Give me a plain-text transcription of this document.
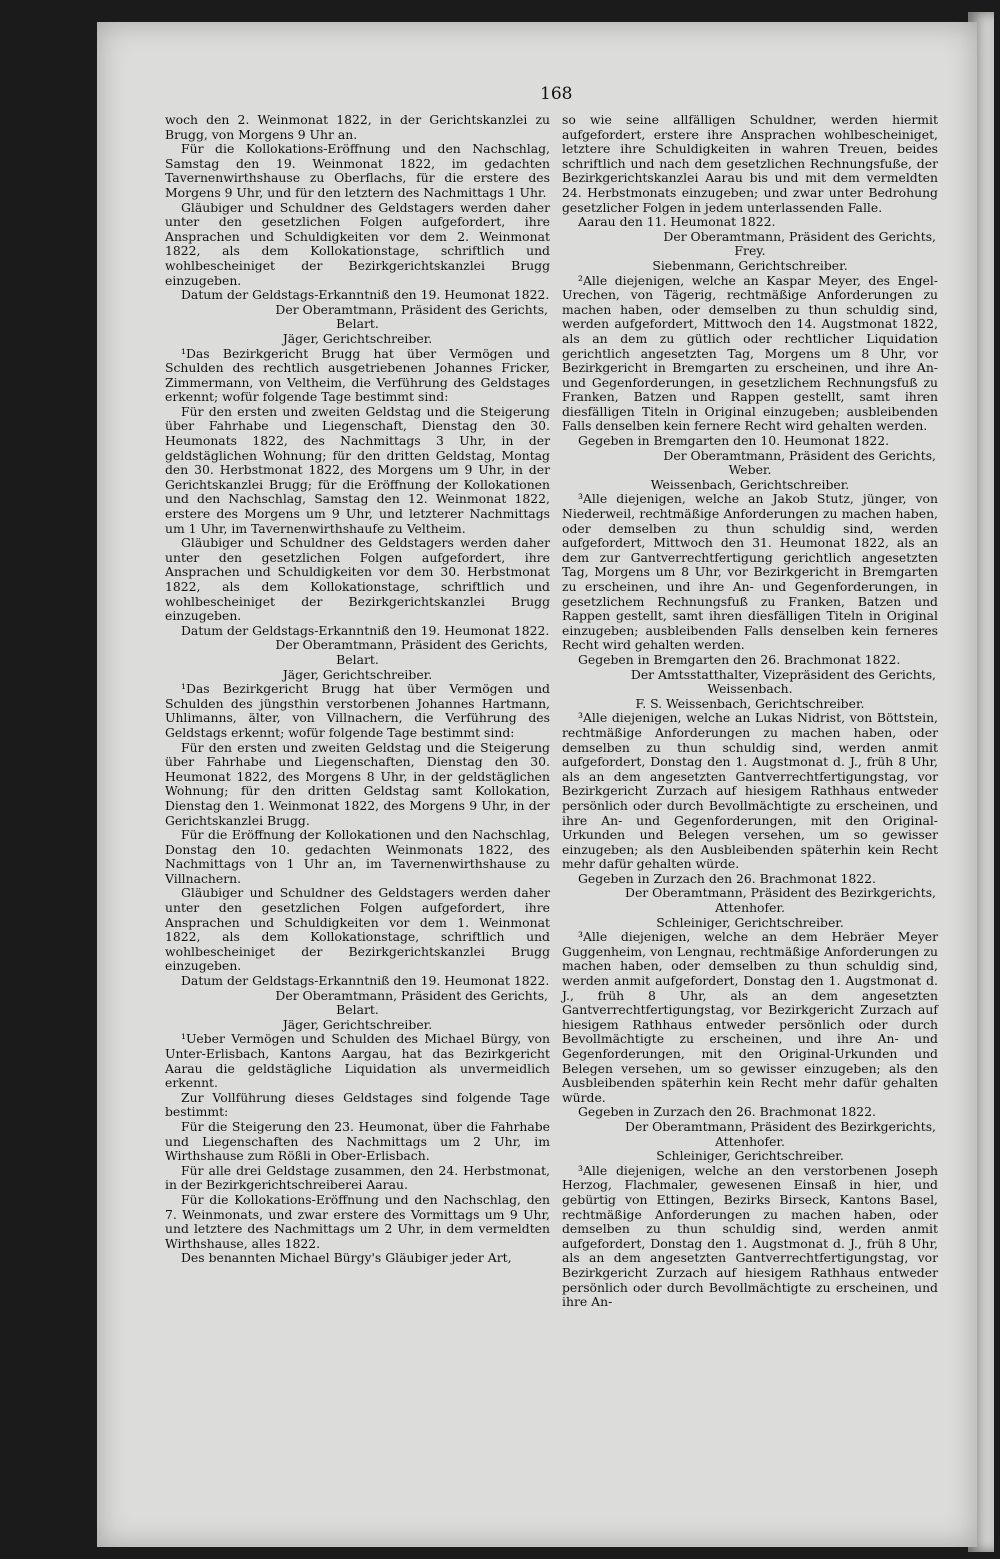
168

woch den 2. Weinmonat 1822, in der Gerichtskanzlei zu Brugg, von Morgens 9 Uhr an.

Für die Kollokations-Eröffnung und den Nachschlag, Samstag den 19. Weinmonat 1822, im gedachten Tavernenwirthshause zu Oberflachs, für die erstere des Morgens 9 Uhr, und für den letztern des Nachmittags 1 Uhr.

Gläubiger und Schuldner des Geldstagers werden daher unter den gesetzlichen Folgen aufgefordert, ihre Ansprachen und Schuldigkeiten vor dem 2. Weinmonat 1822, als dem Kollokationstage, schriftlich und wohlbescheiniget der Bezirkgerichtskanzlei Brugg einzugeben.

Datum der Geldstags-Erkanntniß den 19. Heumonat 1822.

Der Oberamtmann, Präsident des Gerichts,

Belart.

Jäger, Gerichtschreiber.

¹Das Bezirkgericht Brugg hat über Vermögen und Schulden des rechtlich ausgetriebenen Johannes Fricker, Zimmermann, von Veltheim, die Verführung des Geldstages erkennt; wofür folgende Tage bestimmt sind:

Für den ersten und zweiten Geldstag und die Steigerung über Fahrhabe und Liegenschaft, Dienstag den 30. Heumonats 1822, des Nachmittags 3 Uhr, in der geldstäglichen Wohnung; für den dritten Geldstag, Montag den 30. Herbstmonat 1822, des Morgens um 9 Uhr, in der Gerichtskanzlei Brugg; für die Eröffnung der Kollokationen und den Nachschlag, Samstag den 12. Weinmonat 1822, erstere des Morgens um 9 Uhr, und letzterer Nachmittags um 1 Uhr, im Tavernenwirthshaufe zu Veltheim.

Gläubiger und Schuldner des Geldstagers werden daher unter den gesetzlichen Folgen aufgefordert, ihre Ansprachen und Schuldigkeiten vor dem 30. Herbstmonat 1822, als dem Kollokationstage, schriftlich und wohlbescheiniget der Bezirkgerichtskanzlei Brugg einzugeben.

Datum der Geldstags-Erkanntniß den 19. Heumonat 1822.

Der Oberamtmann, Präsident des Gerichts,

Belart.

Jäger, Gerichtschreiber.

¹Das Bezirkgericht Brugg hat über Vermögen und Schulden des jüngsthin verstorbenen Johannes Hartmann, Uhlimanns, älter, von Villnachern, die Verführung des Geldstags erkennt; wofür folgende Tage bestimmt sind:

Für den ersten und zweiten Geldstag und die Steigerung über Fahrhabe und Liegenschaften, Dienstag den 30. Heumonat 1822, des Morgens 8 Uhr, in der geldstäglichen Wohnung; für den dritten Geldstag samt Kollokation, Dienstag den 1. Weinmonat 1822, des Morgens 9 Uhr, in der Gerichtskanzlei Brugg.

Für die Eröffnung der Kollokationen und den Nachschlag, Donstag den 10. gedachten Weinmonats 1822, des Nachmittags von 1 Uhr an, im Tavernenwirthshause zu Villnachern.

Gläubiger und Schuldner des Geldstagers werden daher unter den gesetzlichen Folgen aufgefordert, ihre Ansprachen und Schuldigkeiten vor dem 1. Weinmonat 1822, als dem Kollokationstage, schriftlich und wohlbescheiniget der Bezirkgerichtskanzlei Brugg einzugeben.

Datum der Geldstags-Erkanntniß den 19. Heumonat 1822.

Der Oberamtmann, Präsident des Gerichts,

Belart.

Jäger, Gerichtschreiber.

¹Ueber Vermögen und Schulden des Michael Bürgy, von Unter-Erlisbach, Kantons Aargau, hat das Bezirkgericht Aarau die geldstägliche Liquidation als unvermeidlich erkennt.

Zur Vollführung dieses Geldstages sind folgende Tage bestimmt:

Für die Steigerung den 23. Heumonat, über die Fahrhabe und Liegenschaften des Nachmittags um 2 Uhr, im Wirthshause zum Rößli in Ober-Erlisbach.

Für alle drei Geldstage zusammen, den 24. Herbstmonat, in der Bezirkgerichtschreiberei Aarau.

Für die Kollokations-Eröffnung und den Nachschlag, den 7. Weinmonats, und zwar erstere des Vormittags um 9 Uhr, und letztere des Nachmittags um 2 Uhr, in dem vermeldten Wirthshause, alles 1822.

Des benannten Michael Bürgy's Gläubiger jeder Art,

so wie seine allfälligen Schuldner, werden hiermit aufgefordert, erstere ihre Ansprachen wohlbescheiniget, letztere ihre Schuldigkeiten in wahren Treuen, beides schriftlich und nach dem gesetzlichen Rechnungsfuße, der Bezirkgerichtskanzlei Aarau bis und mit dem vermeldten 24. Herbstmonats einzugeben; und zwar unter Bedrohung gesetzlicher Folgen in jedem unterlassenden Falle.

Aarau den 11. Heumonat 1822.

Der Oberamtmann, Präsident des Gerichts,

Frey.

Siebenmann, Gerichtschreiber.

²Alle diejenigen, welche an Kaspar Meyer, des Engel-Urechen, von Tägerig, rechtmäßige Anforderungen zu machen haben, oder demselben zu thun schuldig sind, werden aufgefordert, Mittwoch den 14. Augstmonat 1822, als an dem zu gütlich oder rechtlicher Liquidation gerichtlich angesetzten Tag, Morgens um 8 Uhr, vor Bezirkgericht in Bremgarten zu erscheinen, und ihre An- und Gegenforderungen, in gesetzlichem Rechnungsfuß zu Franken, Batzen und Rappen gestellt, samt ihren diesfälligen Titeln in Original einzugeben; ausbleibenden Falls denselben kein fernere Recht wird gehalten werden.

Gegeben in Bremgarten den 10. Heumonat 1822.

Der Oberamtmann, Präsident des Gerichts,

Weber.

Weissenbach, Gerichtschreiber.

³Alle diejenigen, welche an Jakob Stutz, jünger, von Niederweil, rechtmäßige Anforderungen zu machen haben, oder demselben zu thun schuldig sind, werden aufgefordert, Mittwoch den 31. Heumonat 1822, als an dem zur Gantverrechtfertigung gerichtlich angesetzten Tag, Morgens um 8 Uhr, vor Bezirkgericht in Bremgarten zu erscheinen, und ihre An- und Gegenforderungen, in gesetzlichem Rechnungsfuß zu Franken, Batzen und Rappen gestellt, samt ihren diesfälligen Titeln in Original einzugeben; ausbleibenden Falls denselben kein ferneres Recht wird gehalten werden.

Gegeben in Bremgarten den 26. Brachmonat 1822.

Der Amtsstatthalter, Vizepräsident des Gerichts,

Weissenbach.

F. S. Weissenbach, Gerichtschreiber.

³Alle diejenigen, welche an Lukas Nidrist, von Böttstein, rechtmäßige Anforderungen zu machen haben, oder demselben zu thun schuldig sind, werden anmit aufgefordert, Donstag den 1. Augstmonat d. J., früh 8 Uhr, als an dem angesetzten Gantverrechtfertigungstag, vor Bezirkgericht Zurzach auf hiesigem Rathhaus entweder persönlich oder durch Bevollmächtigte zu erscheinen, und ihre An- und Gegenforderungen, mit den Original-Urkunden und Belegen versehen, um so gewisser einzugeben; als den Ausbleibenden späterhin kein Recht mehr dafür gehalten würde.

Gegeben in Zurzach den 26. Brachmonat 1822.

Der Oberamtmann, Präsident des Bezirkgerichts,

Attenhofer.

Schleiniger, Gerichtschreiber.

³Alle diejenigen, welche an dem Hebräer Meyer Guggenheim, von Lengnau, rechtmäßige Anforderungen zu machen haben, oder demselben zu thun schuldig sind, werden anmit aufgefordert, Donstag den 1. Augstmonat d. J., früh 8 Uhr, als an dem angesetzten Gantverrechtfertigungstag, vor Bezirkgericht Zurzach auf hiesigem Rathhaus entweder persönlich oder durch Bevollmächtigte zu erscheinen, und ihre An- und Gegenforderungen, mit den Original-Urkunden und Belegen versehen, um so gewisser einzugeben; als den Ausbleibenden späterhin kein Recht mehr dafür gehalten würde.

Gegeben in Zurzach den 26. Brachmonat 1822.

Der Oberamtmann, Präsident des Bezirkgerichts,

Attenhofer.

Schleiniger, Gerichtschreiber.

³Alle diejenigen, welche an den verstorbenen Joseph Herzog, Flachmaler, gewesenen Einsaß in hier, und gebürtig von Ettingen, Bezirks Birseck, Kantons Basel, rechtmäßige Anforderungen zu machen haben, oder demselben zu thun schuldig sind, werden anmit aufgefordert, Donstag den 1. Augstmonat d. J., früh 8 Uhr, als an dem angesetzten Gantverrechtfertigungstag, vor Bezirkgericht Zurzach auf hiesigem Rathhaus entweder persönlich oder durch Bevollmächtigte zu erscheinen, und ihre An-
